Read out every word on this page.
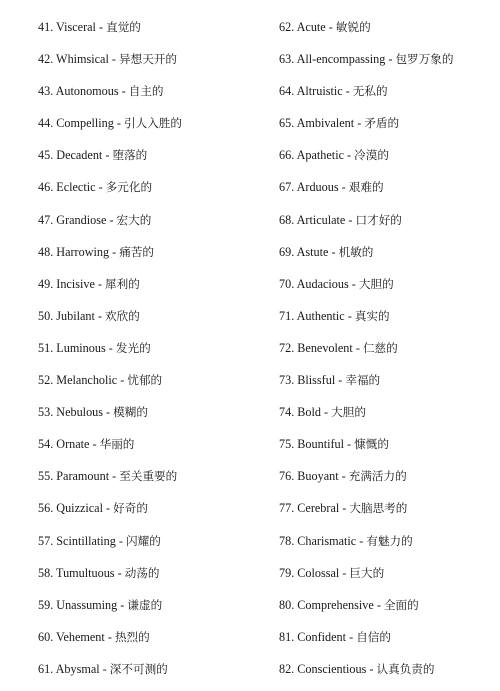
41. Visceral - 直觉的
42. Whimsical - 异想天开的
43. Autonomous - 自主的
44. Compelling - 引人入胜的
45. Decadent - 堕落的
46. Eclectic - 多元化的
47. Grandiose - 宏大的
48. Harrowing - 痛苦的
49. Incisive - 犀利的
50. Jubilant - 欢欣的
51. Luminous - 发光的
52. Melancholic - 忧郁的
53. Nebulous - 模糊的
54. Ornate - 华丽的
55. Paramount - 至关重要的
56. Quizzical - 好奇的
57. Scintillating - 闪耀的
58. Tumultuous - 动荡的
59. Unassuming - 谦虚的
60. Vehement - 热烈的
61. Abysmal - 深不可测的
62. Acute - 敏锐的
63. All-encompassing - 包罗万象的
64. Altruistic - 无私的
65. Ambivalent - 矛盾的
66. Apathetic - 冷漠的
67. Arduous - 艰难的
68. Articulate - 口才好的
69. Astute - 机敏的
70. Audacious - 大胆的
71. Authentic - 真实的
72. Benevolent - 仁慈的
73. Blissful - 幸福的
74. Bold - 大胆的
75. Bountiful - 慷慨的
76. Buoyant - 充满活力的
77. Cerebral - 大脑思考的
78. Charismatic - 有魅力的
79. Colossal - 巨大的
80. Comprehensive - 全面的
81. Confident - 自信的
82. Conscientious - 认真负责的
